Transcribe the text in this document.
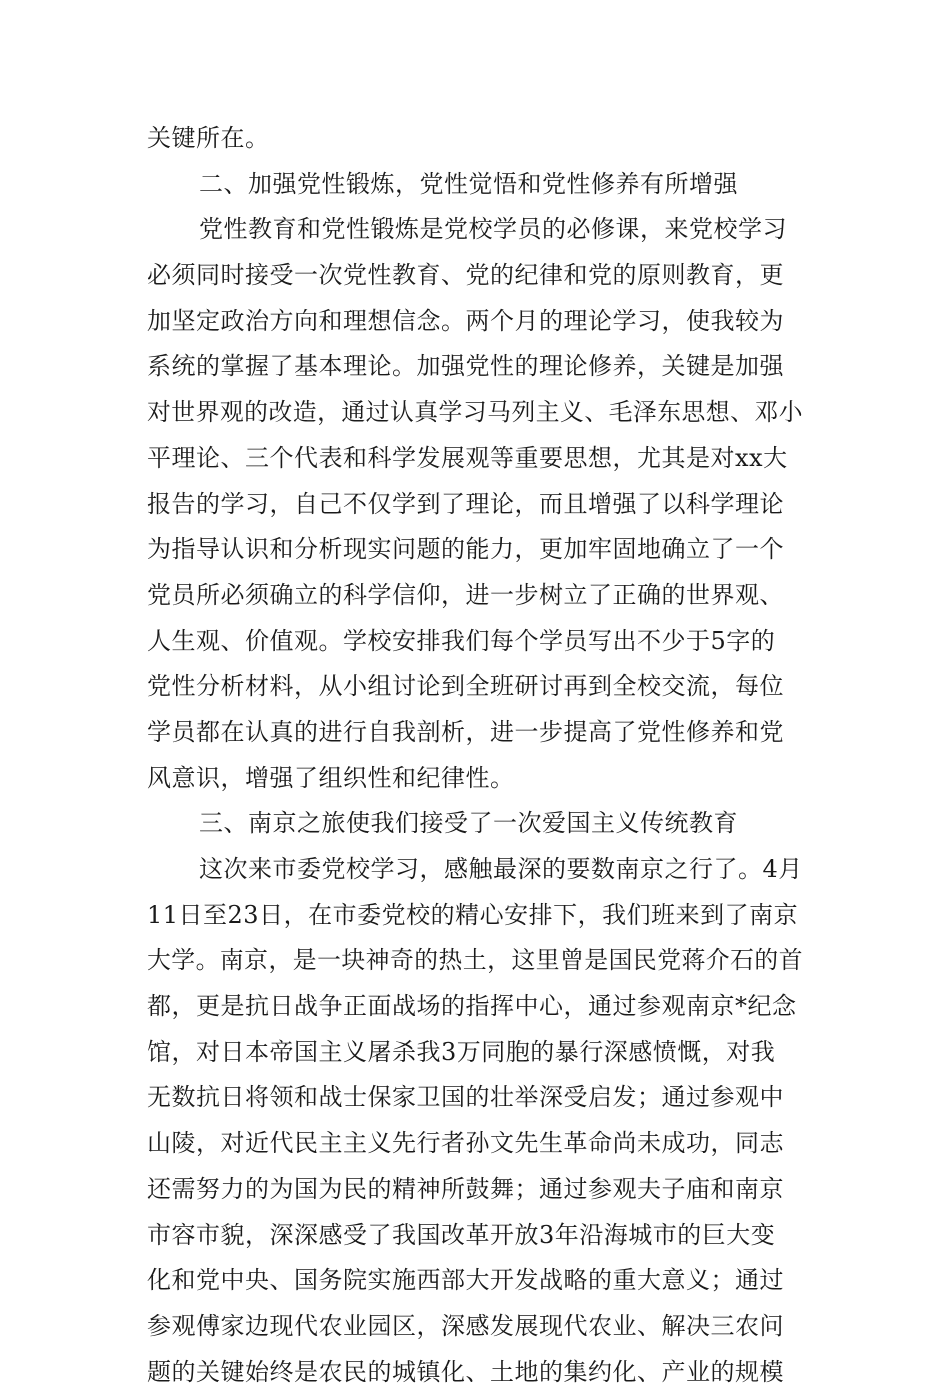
关键所在。
二、加强党性锻炼，党性觉悟和党性修养有所增强
党性教育和党性锻炼是党校学员的必修课，来党校学习
必须同时接受一次党性教育、党的纪律和党的原则教育，更
加坚定政治方向和理想信念。两个月的理论学习，使我较为
系统的掌握了基本理论。加强党性的理论修养，关键是加强
对世界观的改造，通过认真学习马列主义、毛泽东思想、邓小
平理论、三个代表和科学发展观等重要思想，尤其是对xx大
报告的学习，自己不仅学到了理论，而且增强了以科学理论
为指导认识和分析现实问题的能力，更加牢固地确立了一个
党员所必须确立的科学信仰，进一步树立了正确的世界观、
人生观、价值观。学校安排我们每个学员写出不少于5字的
党性分析材料，从小组讨论到全班研讨再到全校交流，每位
学员都在认真的进行自我剖析，进一步提高了党性修养和党
风意识，增强了组织性和纪律性。
三、南京之旅使我们接受了一次爱国主义传统教育
这次来市委党校学习，感触最深的要数南京之行了。4月
11日至23日，在市委党校的精心安排下，我们班来到了南京
大学。南京，是一块神奇的热土，这里曾是国民党蒋介石的首
都，更是抗日战争正面战场的指挥中心，通过参观南京*纪念
馆，对日本帝国主义屠杀我3万同胞的暴行深感愤慨，对我
无数抗日将领和战士保家卫国的壮举深受启发；通过参观中
山陵，对近代民主主义先行者孙文先生革命尚未成功，同志
还需努力的为国为民的精神所鼓舞；通过参观夫子庙和南京
市容市貌，深深感受了我国改革开放3年沿海城市的巨大变
化和党中央、国务院实施西部大开发战略的重大意义；通过
参观傅家边现代农业园区，深感发展现代农业、解决三农问
题的关键始终是农民的城镇化、土地的集约化、产业的规模
